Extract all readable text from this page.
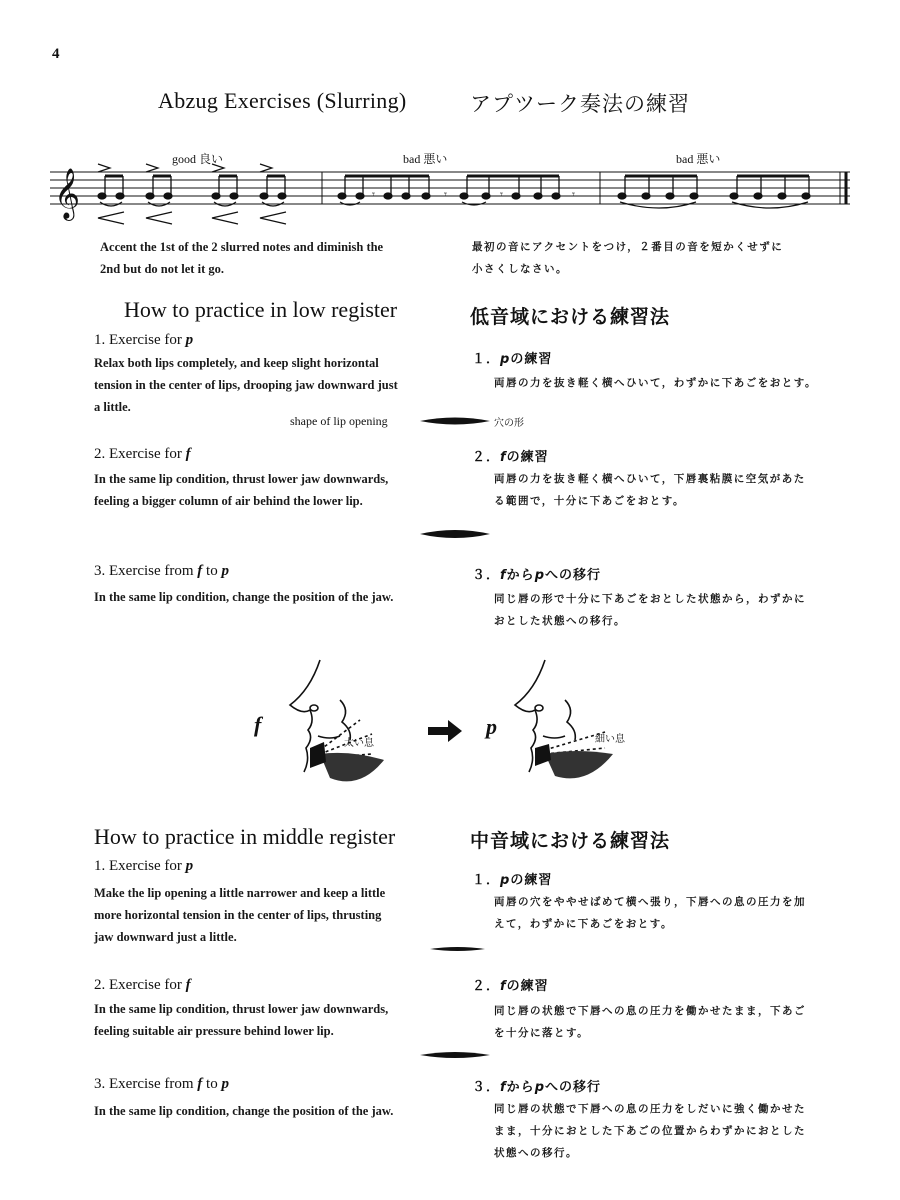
4
Abzug Exercises (Slurring)	アプツーク奏法の練習
good 良い	bad 悪い	bad 悪い
𝄞	𝄾	𝄾	𝄾	𝄾
Accent the 1st of the 2 slurred notes and diminish the
2nd but do not let it go.
最初の音にアクセントをつけ，２番目の音を短かくせずに
小さくしなさい。
How to practice in low register	低音域における練習法
1. Exercise for p
Relax both lips completely, and keep slight horizontal
tension in the center of lips, drooping jaw downward just
a little.
１．pの練習
両唇の力を抜き軽く横へひいて，わずかに下あごをおとす。
shape of lip opening	穴の形
2. Exercise for f
In the same lip condition, thrust lower jaw downwards,
feeling a bigger column of air behind the lower lip.
２．fの練習
両唇の力を抜き軽く横へひいて，下唇裏粘膜に空気があた
る範囲で，十分に下あごをおとす。
3. Exercise from f to p
In the same lip condition, change the position of the jaw.
３．fからpへの移行
同じ唇の形で十分に下あごをおとした状態から，わずかに
おとした状態への移行。
f
太い息
p
細い息
How to practice in middle register	中音域における練習法
1. Exercise for p
Make the lip opening a little narrower and keep a little
more horizontal tension in the center of lips, thrusting
jaw downward just a little.
１．pの練習
両唇の穴をややせばめて横へ張り，下唇への息の圧力を加
えて，わずかに下あごをおとす。
2. Exercise for f
In the same lip condition, thrust lower jaw downwards,
feeling suitable air pressure behind lower lip.
２．fの練習
同じ唇の状態で下唇への息の圧力を働かせたまま，下あご
を十分に落とす。
3. Exercise from f to p
In the same lip condition, change the position of the jaw.
３．fからpへの移行
同じ唇の状態で下唇への息の圧力をしだいに強く働かせた
まま，十分におとした下あごの位置からわずかにおとした
状態への移行。
